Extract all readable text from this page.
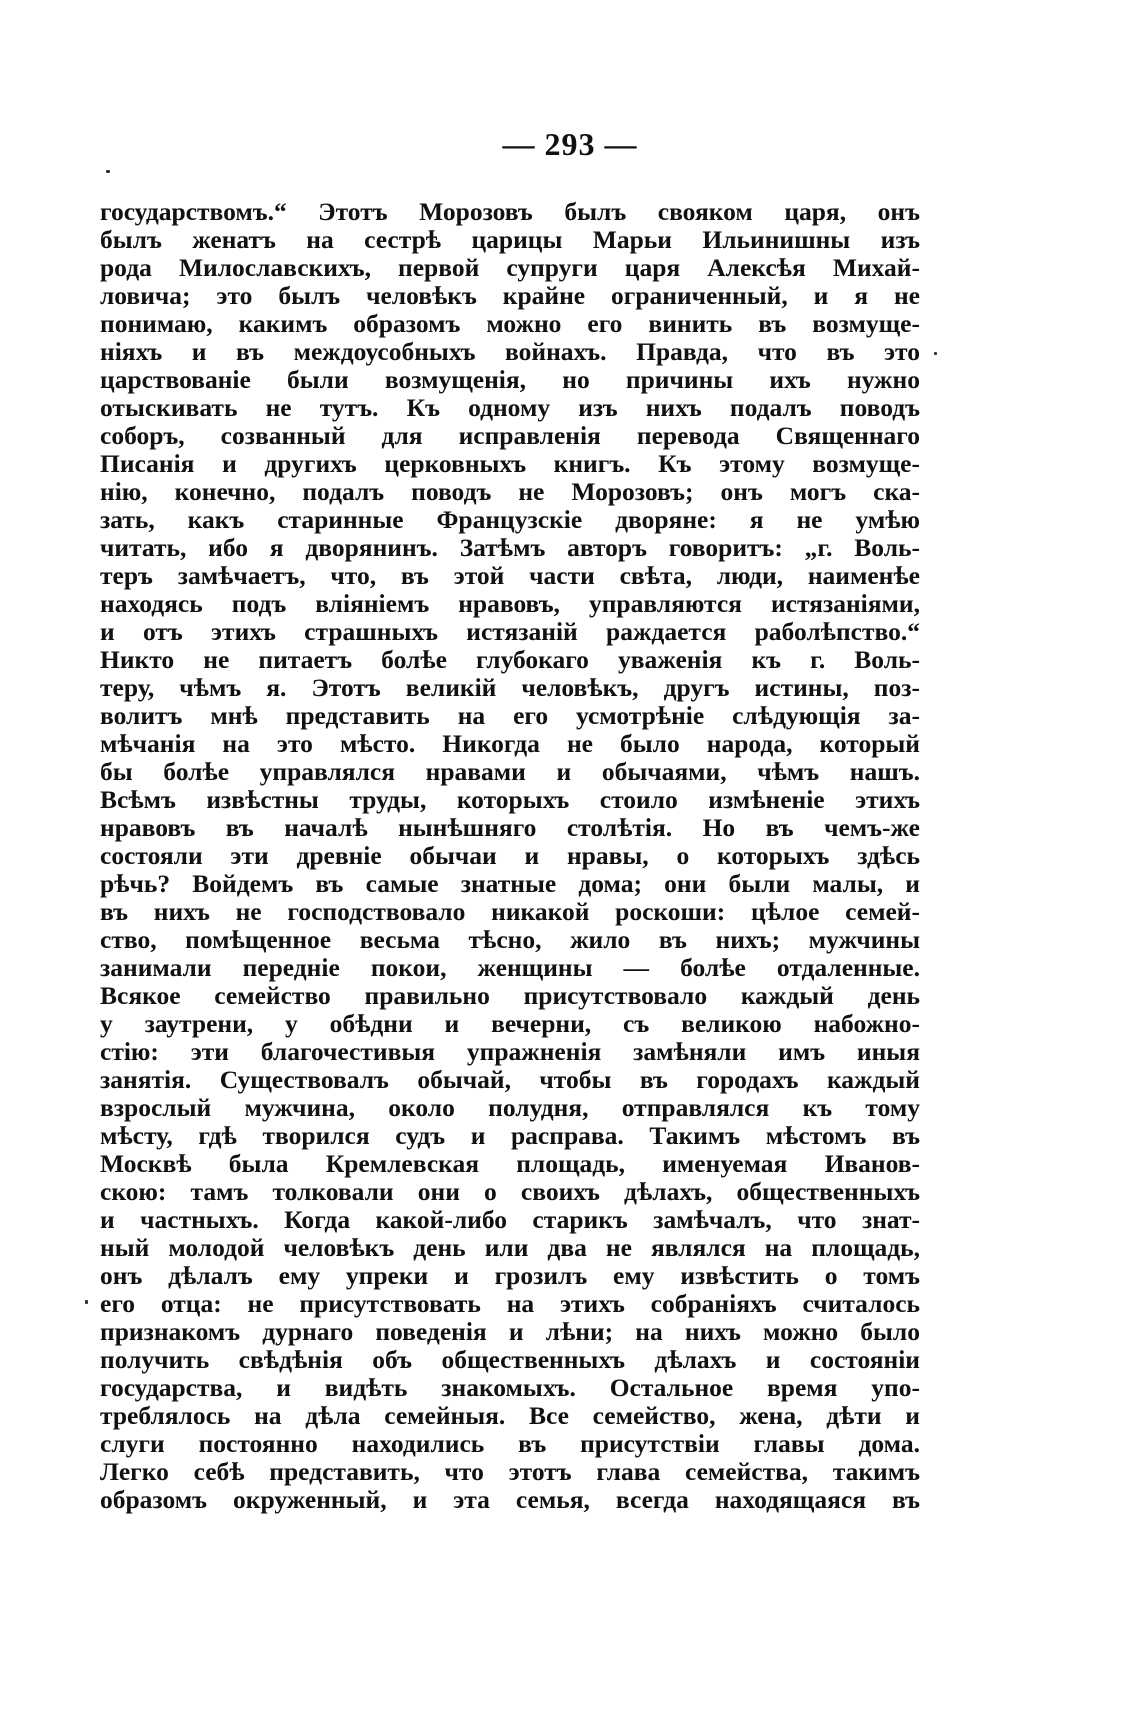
— 293 —
государствомъ.“ Этотъ Морозовъ былъ свояком царя, онъ
былъ женатъ на сестрѣ царицы Марьи Ильинишны изъ
рода Милославскихъ, первой супруги царя Алексѣя Михай-
ловича; это былъ человѣкъ крайне ограниченный, и я не
понимаю, какимъ образомъ можно его винить въ возмуще-
ніяхъ и въ междоусобныхъ войнахъ. Правда, что въ это
царствованіе были возмущенія, но причины ихъ нужно
отыскивать не тутъ. Къ одному изъ нихъ подалъ поводъ
соборъ, созванный для исправленія перевода Священнаго
Писанія и другихъ церковныхъ книгъ. Къ этому возмуще-
нію, конечно, подалъ поводъ не Морозовъ; онъ могъ ска-
зать, какъ старинные Французскіе дворяне: я не умѣю
читать, ибо я дворянинъ. Затѣмъ авторъ говоритъ: „г. Воль-
теръ замѣчаетъ, что, въ этой части свѣта, люди, наименѣе
находясь подъ вліяніемъ нравовъ, управляются истязаніями,
и отъ этихъ страшныхъ истязаній раждается раболѣпство.“
Никто не питаетъ болѣе глубокаго уваженія къ г. Воль-
теру, чѣмъ я. Этотъ великій человѣкъ, другъ истины, поз-
волитъ мнѣ представить на его усмотрѣніе слѣдующія за-
мѣчанія на это мѣсто. Никогда не было народа, который
бы болѣе управлялся нравами и обычаями, чѣмъ нашъ.
Всѣмъ извѣстны труды, которыхъ стоило измѣненіе этихъ
нравовъ въ началѣ нынѣшняго столѣтія. Но въ чемъ-же
состояли эти древніе обычаи и нравы, о которыхъ здѣсь
рѣчь? Войдемъ въ самые знатные дома; они были малы, и
въ нихъ не господствовало никакой роскоши: цѣлое семей-
ство, помѣщенное весьма тѣсно, жило въ нихъ; мужчины
занимали передніе покои, женщины — болѣе отдаленные.
Всякое семейство правильно присутствовало каждый день
у заутрени, у обѣдни и вечерни, съ великою набожно-
стію: эти благочестивыя упражненія замѣняли имъ иныя
занятія. Существовалъ обычай, чтобы въ городахъ каждый
взрослый мужчина, около полудня, отправлялся къ тому
мѣсту, гдѣ творился судъ и расправа. Такимъ мѣстомъ въ
Москвѣ была Кремлевская площадь, именуемая Иванов-
скою: тамъ толковали они о своихъ дѣлахъ, общественныхъ
и частныхъ. Когда какой-либо старикъ замѣчалъ, что знат-
ный молодой человѣкъ день или два не являлся на площадь,
онъ дѣлалъ ему упреки и грозилъ ему извѣстить о томъ
его отца: не присутствовать на этихъ собраніяхъ считалось
признакомъ дурнаго поведенія и лѣни; на нихъ можно было
получить свѣдѣнія объ общественныхъ дѣлахъ и состояніи
государства, и видѣть знакомыхъ. Остальное время упо-
треблялось на дѣла семейныя. Все семейство, жена, дѣти и
слуги постоянно находились въ присутствіи главы дома.
Легко себѣ представить, что этотъ глава семейства, такимъ
образомъ окруженный, и эта семья, всегда находящаяся въ
